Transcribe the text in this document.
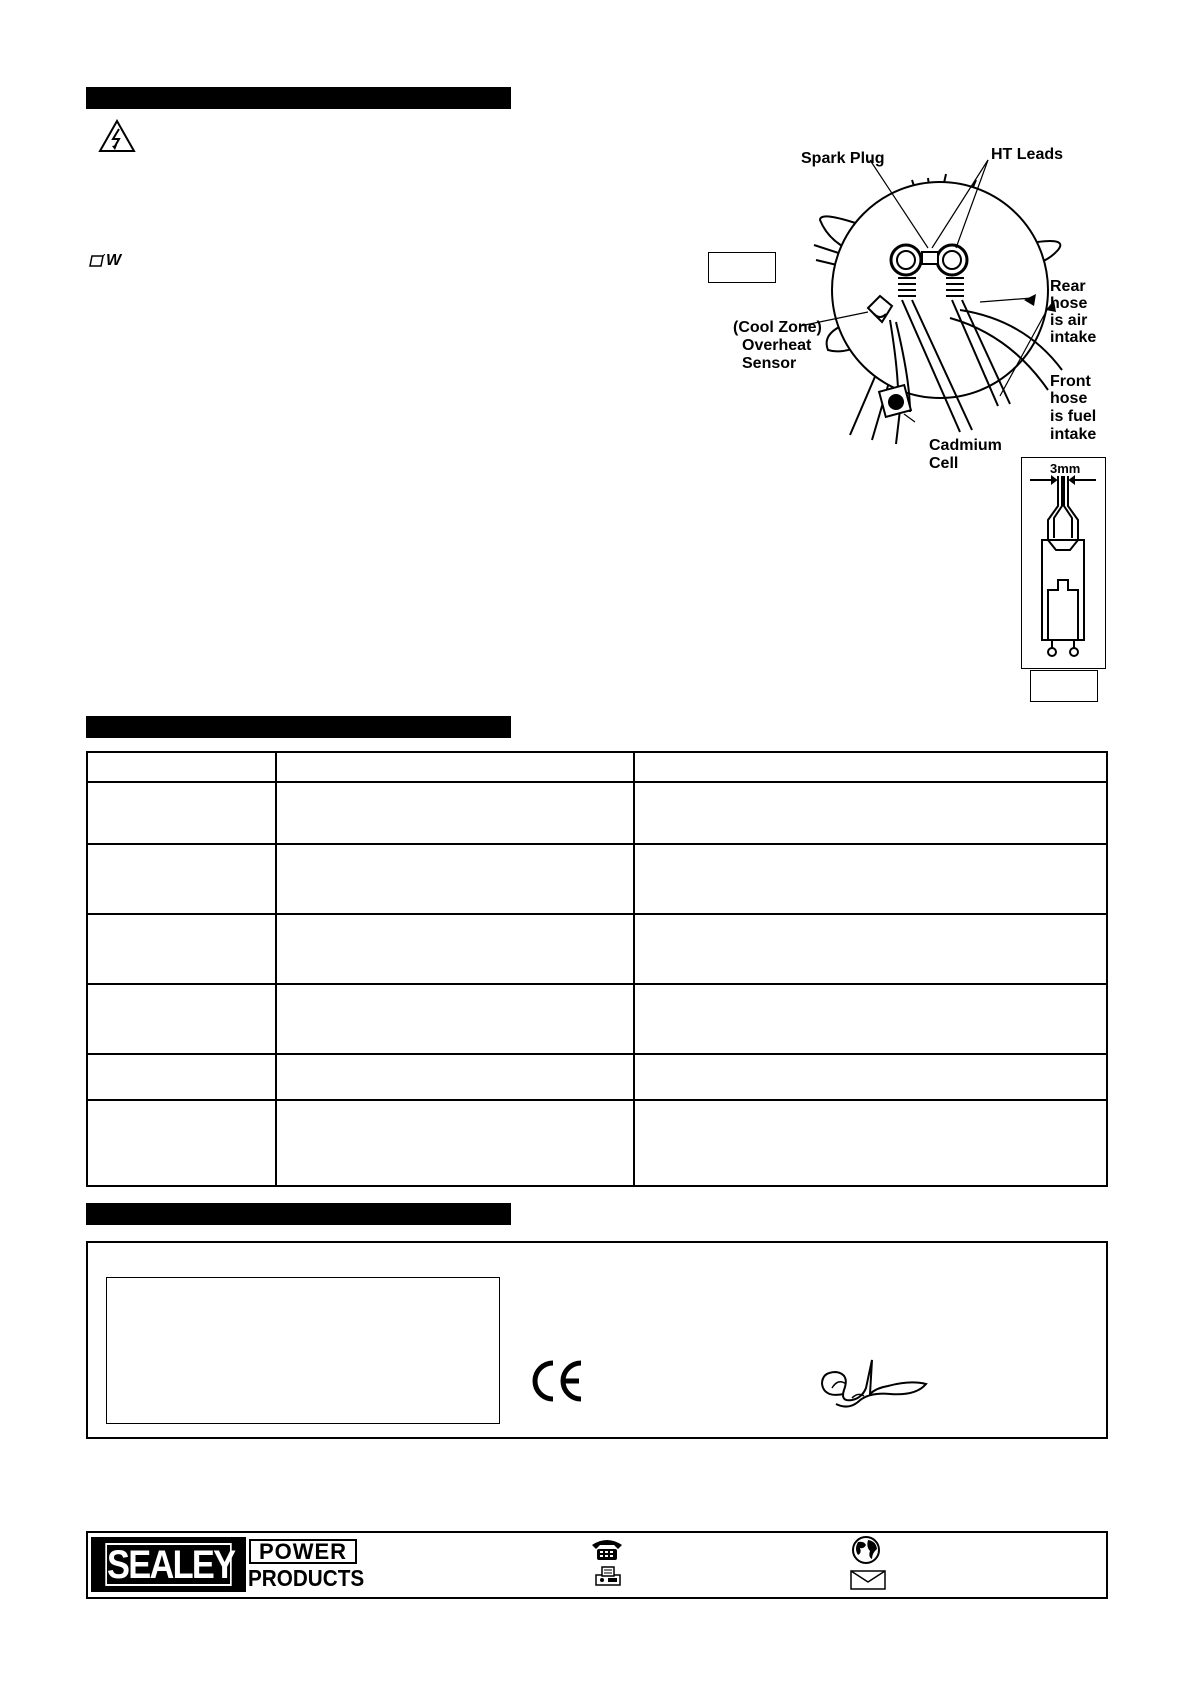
W
Spark Plug	HT Leads
Rear
hose
is air
intake
Front
hose
is fuel
intake
(Cool Zone)
Overheat
Sensor
Cadmium
Cell	3mm

SEALEY	POWER
PRODUCTS
